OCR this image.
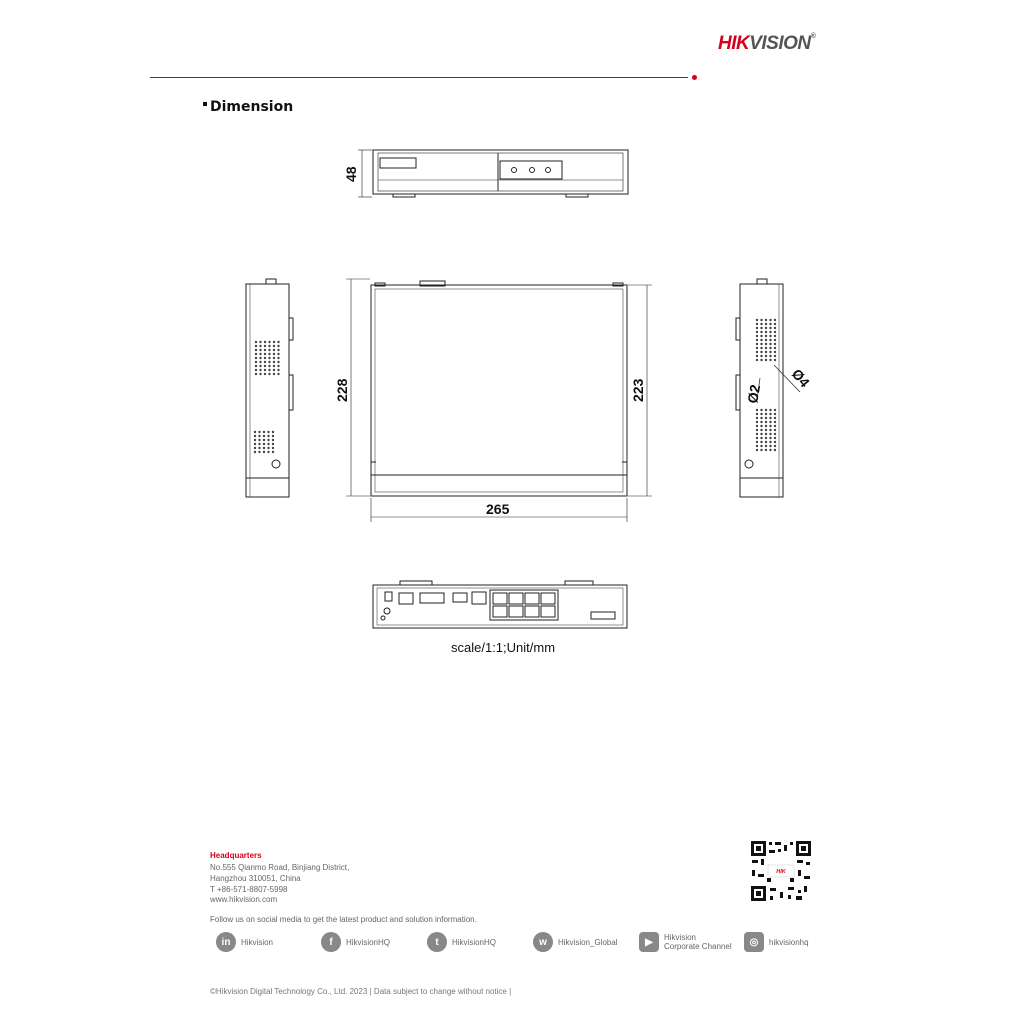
HIKVISION®
Dimension
48
228	223
265
Ø2
Ø4
scale/1:1;Unit/mm
Headquarters
No.555 Qianmo Road, Binjiang District,
Hangzhou 310051, China
T +86-571-8807-5998
www.hikvision.com
Follow us on social media to get the latest product and solution information.
in	Hikvision	f	HikvisionHQ	t	HikvisionHQ	w	Hikvision_Global	▶	Hikvision
Corporate Channel	◎	hikvisionhq
HIK
©Hikvision Digital Technology Co., Ltd. 2023 | Data subject to change without notice |
